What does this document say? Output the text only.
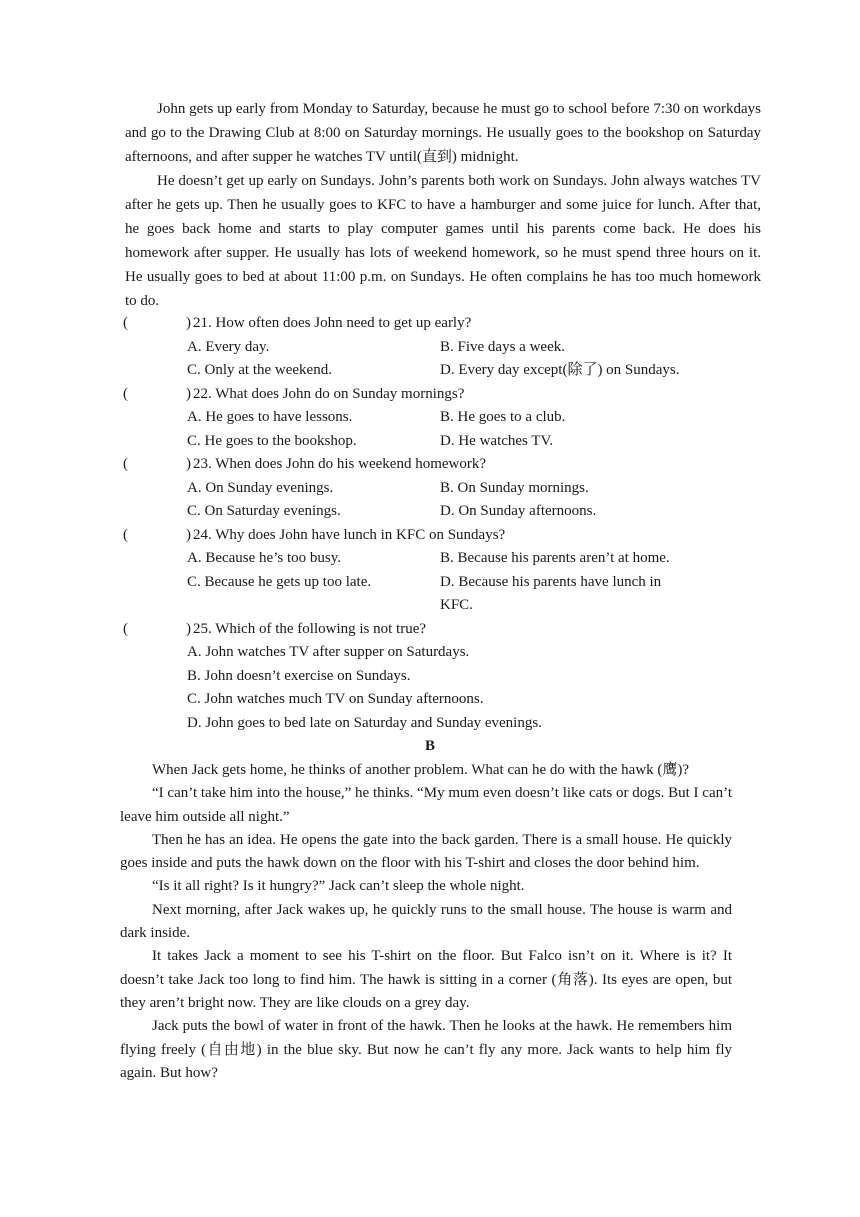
John gets up early from Monday to Saturday, because he must go to school before 7:30 on workdays and go to the Drawing Club at 8:00 on Saturday mornings. He usually goes to the bookshop on Saturday afternoons, and after supper he watches TV until(直到) midnight.

He doesn’t get up early on Sundays. John’s parents both work on Sundays. John always watches TV after he gets up. Then he usually goes to KFC to have a hamburger and some juice for lunch. After that, he goes back home and starts to play computer games until his parents come back. He does his homework after supper. He usually has lots of weekend homework, so he must spend three hours on it. He usually goes to bed at about 11:00 p.m. on Sundays. He often complains he has too much homework to do.

(	) 21. How often does John need to get up early?
A. Every day.	B. Five days a week.
C. Only at the weekend.	D. Every day except(除了) on Sundays.
(	) 22. What does John do on Sunday mornings?
A. He goes to have lessons.	B. He goes to a club.
C. He goes to the bookshop.	D. He watches TV.
(	) 23. When does John do his weekend homework?
A. On Sunday evenings.	B. On Sunday mornings.
C. On Saturday evenings.	D. On Sunday afternoons.
(	) 24. Why does John have lunch in KFC on Sundays?
A. Because he’s too busy.	B. Because his parents aren’t at home.
C. Because he gets up too late.	D. Because his parents have lunch in KFC.
(	) 25. Which of the following is not true?
A. John watches TV after supper on Saturdays.
B. John doesn’t exercise on Sundays.
C. John watches much TV on Sunday afternoons.
D. John goes to bed late on Saturday and Sunday evenings.
B

When Jack gets home, he thinks of another problem. What can he do with the hawk (鹰)?

“I can’t take him into the house,” he thinks. “My mum even doesn’t like cats or dogs. But I can’t leave him outside all night.”

Then he has an idea. He opens the gate into the back garden. There is a small house. He quickly goes inside and puts the hawk down on the floor with his T-shirt and closes the door behind him.

“Is it all right? Is it hungry?” Jack can’t sleep the whole night.

Next morning, after Jack wakes up, he quickly runs to the small house. The house is warm and dark inside.

It takes Jack a moment to see his T-shirt on the floor. But Falco isn’t on it. Where is it? It doesn’t take Jack too long to find him. The hawk is sitting in a corner (角落). Its eyes are open, but they aren’t bright now. They are like clouds on a grey day.

Jack puts the bowl of water in front of the hawk. Then he looks at the hawk. He remembers him flying freely (自由地) in the blue sky. But now he can’t fly any more. Jack wants to help him fly again. But how?
